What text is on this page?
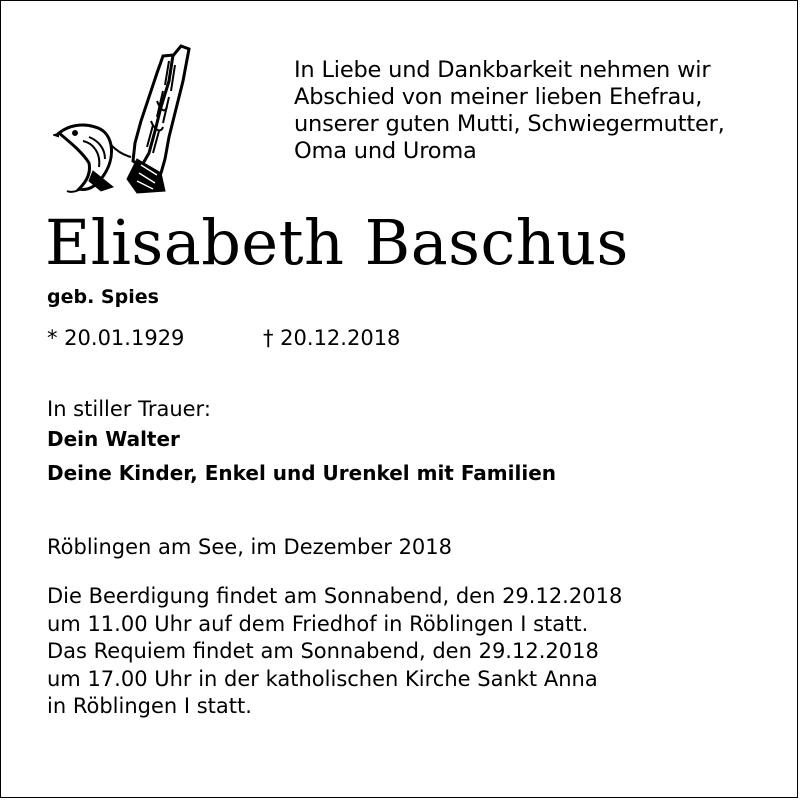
In Liebe und Dankbarkeit nehmen wir
Abschied von meiner lieben Ehefrau,
unserer guten Mutti, Schwiegermutter,
Oma und Uroma
Elisabeth Baschus
geb. Spies
* 20.01.1929	† 20.12.2018
In stiller Trauer:
Dein Walter
Deine Kinder, Enkel und Urenkel mit Familien
Röblingen am See, im Dezember 2018
Die Beerdigung findet am Sonnabend, den 29.12.2018
um 11.00 Uhr auf dem Friedhof in Röblingen I statt.
Das Requiem findet am Sonnabend, den 29.12.2018
um 17.00 Uhr in der katholischen Kirche Sankt Anna
in Röblingen I statt.
